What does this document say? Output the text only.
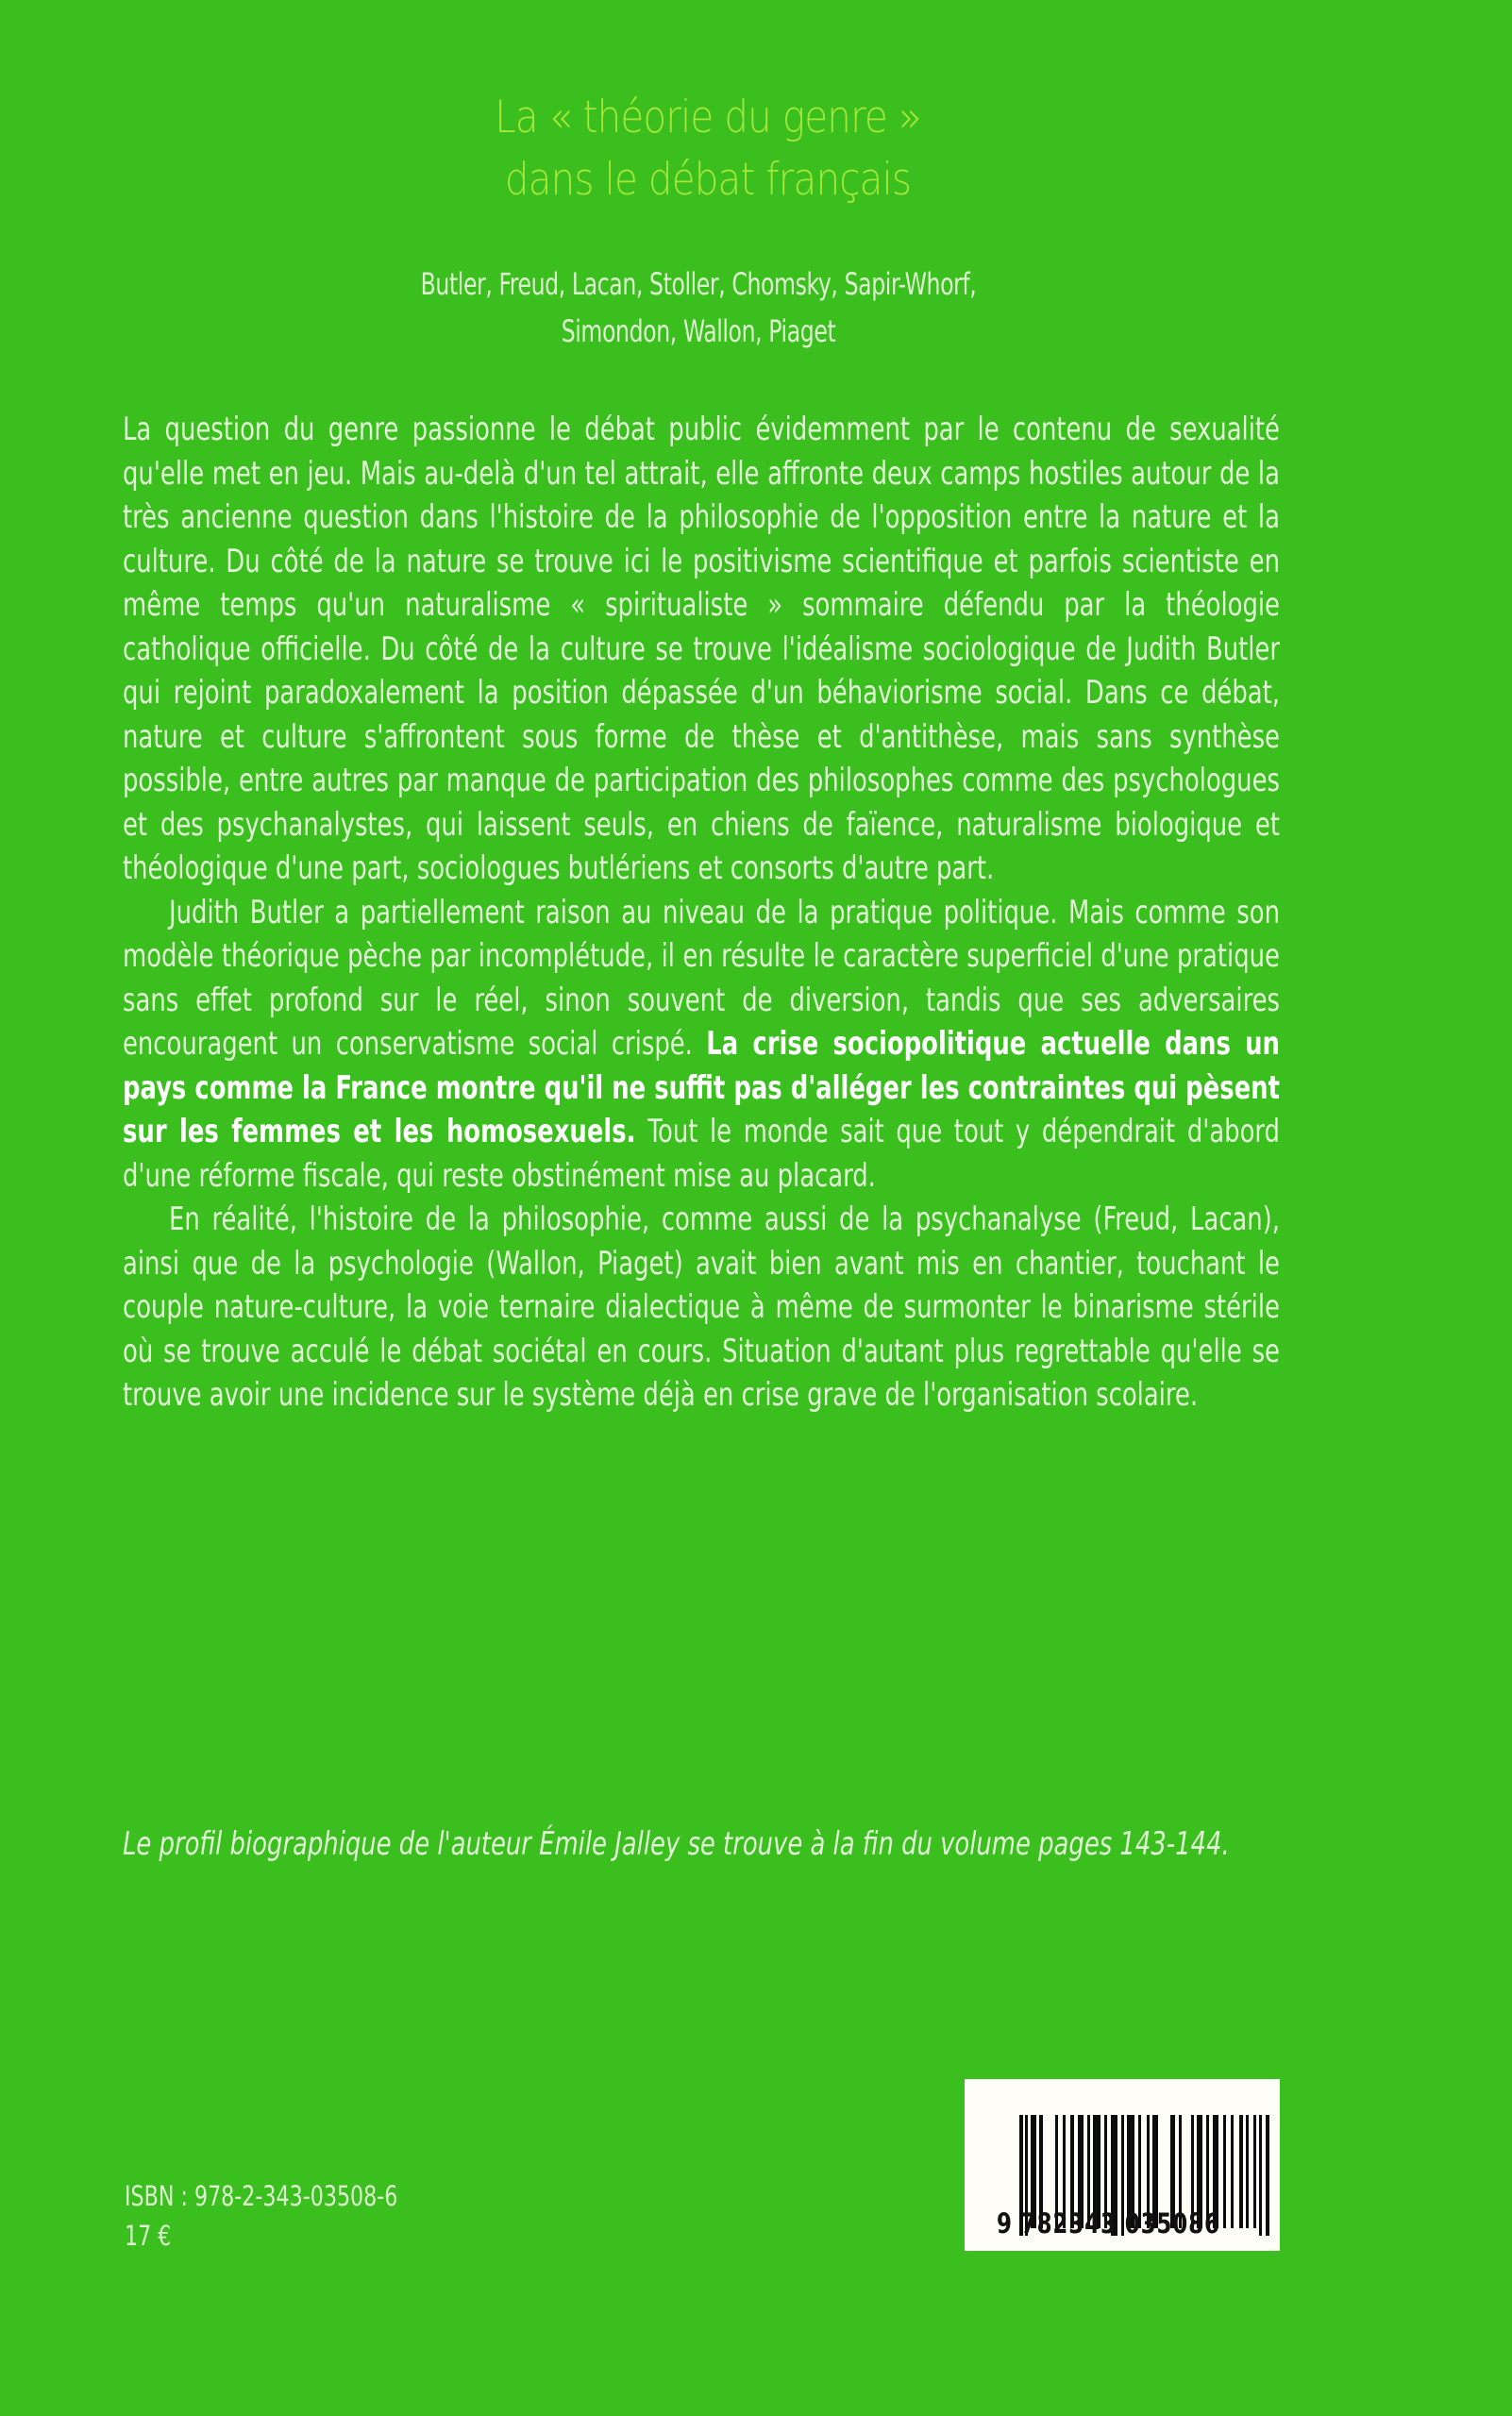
La « théorie du genre »
dans le débat français
Butler, Freud, Lacan, Stoller, Chomsky, Sapir-Whorf,
Simondon, Wallon, Piaget

La question du genre passionne le débat public évidemment par le contenu de sexualité qu'elle met en jeu. Mais au-delà d'un tel attrait, elle affronte deux camps hostiles autour de la très ancienne question dans l'histoire de la philosophie de l'opposition entre la nature et la culture. Du côté de la nature se trouve ici le positivisme scientifique et parfois scientiste en même temps qu'un naturalisme « spiritualiste » sommaire défendu par la théologie catholique officielle. Du côté de la culture se trouve l'idéalisme sociologique de Judith Butler qui rejoint paradoxalement la position dépassée d'un béhaviorisme social. Dans ce débat, nature et culture s'affrontent sous forme de thèse et d'antithèse, mais sans synthèse possible, entre autres par manque de participation des philosophes comme des psychologues et des psychanalystes, qui laissent seuls, en chiens de faïence, naturalisme biologique et théologique d'une part, sociologues butlériens et consorts d'autre part.

Judith Butler a partiellement raison au niveau de la pratique politique. Mais comme son modèle théorique pèche par incomplétude, il en résulte le caractère superficiel d'une pratique sans effet profond sur le réel, sinon souvent de diversion, tandis que ses adversaires encouragent un conservatisme social crispé. La crise sociopolitique actuelle dans un pays comme la France montre qu'il ne suffit pas d'alléger les contraintes qui pèsent sur les femmes et les homosexuels. Tout le monde sait que tout y dépendrait d'abord d'une réforme fiscale, qui reste obstinément mise au placard.

En réalité, l'histoire de la philosophie, comme aussi de la psychanalyse (Freud, Lacan), ainsi que de la psychologie (Wallon, Piaget) avait bien avant mis en chantier, touchant le couple nature-culture, la voie ternaire dialectique à même de surmonter le binarisme stérile où se trouve acculé le débat sociétal en cours. Situation d'autant plus regrettable qu'elle se trouve avoir une incidence sur le système déjà en crise grave de l'organisation scolaire.

Le profil biographique de l'auteur Émile Jalley se trouve à la fin du volume pages 143-144.
ISBN : 978-2-343-03508-6
17 €	9 782343 035086
